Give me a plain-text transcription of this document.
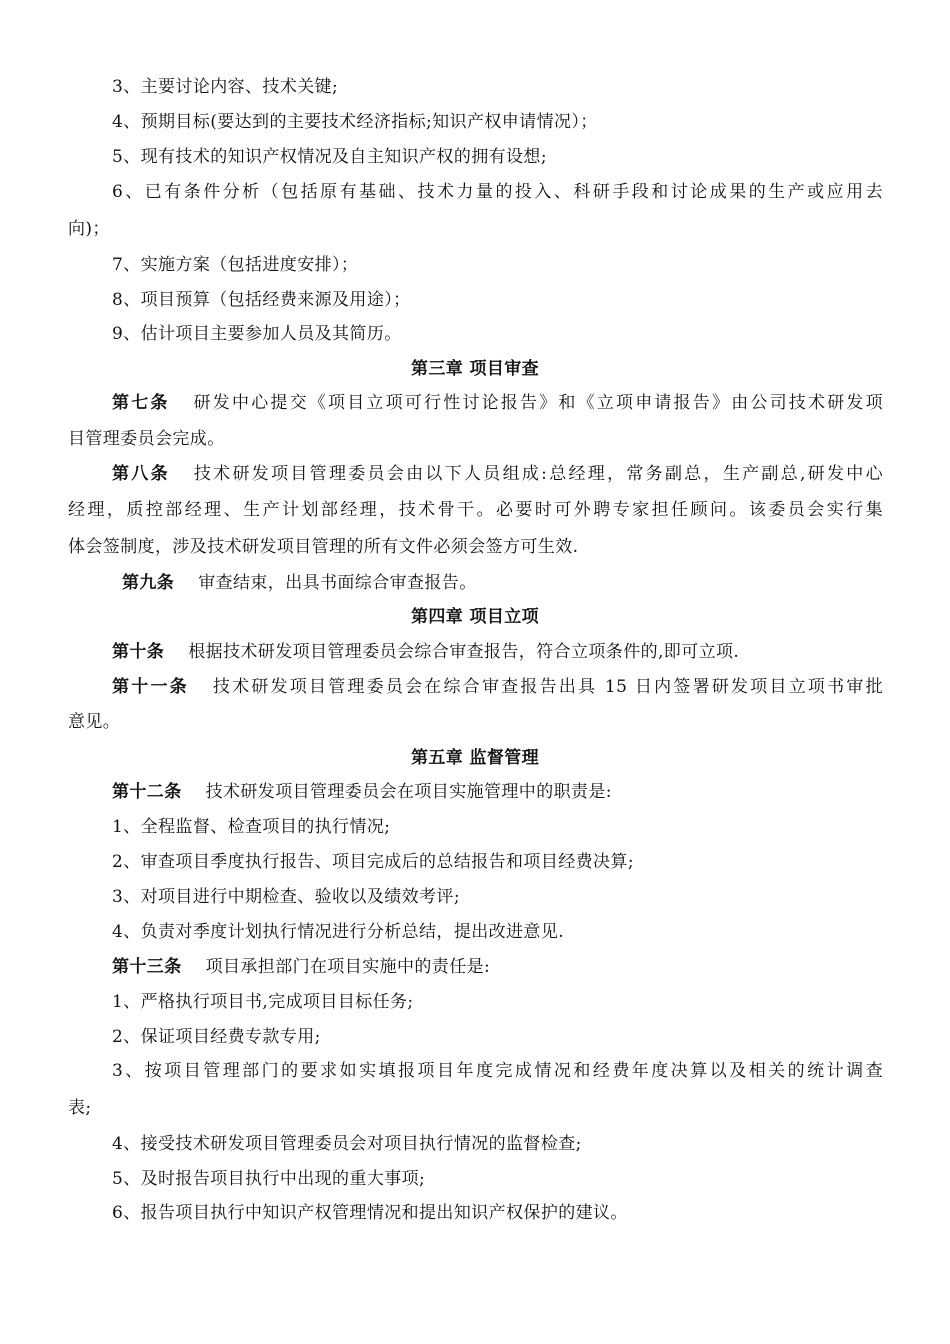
3、主要讨论内容、技术关键;
4、预期目标(要达到的主要技术经济指标;知识产权申请情况）；
5、现有技术的知识产权情况及自主知识产权的拥有设想;
6、已有条件分析（包括原有基础、技术力量的投入、科研手段和讨论成果的生产或应用去
向)；
7、实施方案（包括进度安排）；
8、项目预算（包括经费来源及用途）；
9、估计项目主要参加人员及其简历。
第三章 项目审查
第七条 研发中心提交《项目立项可行性讨论报告》和《立项申请报告》由公司技术研发项
目管理委员会完成。
第八条 技术研发项目管理委员会由以下人员组成:总经理，常务副总，生产副总,研发中心
经理，质控部经理、生产计划部经理，技术骨干。必要时可外聘专家担任顾问。该委员会实行集
体会签制度，涉及技术研发项目管理的所有文件必须会签方可生效.
第九条 审查结束，出具书面综合审查报告。
第四章 项目立项
第十条 根据技术研发项目管理委员会综合审查报告，符合立项条件的,即可立项.
第十一条 技术研发项目管理委员会在综合审查报告出具 15 日内签署研发项目立项书审批
意见。
第五章 监督管理
第十二条 技术研发项目管理委员会在项目实施管理中的职责是:
1、全程监督、检查项目的执行情况;
2、审查项目季度执行报告、项目完成后的总结报告和项目经费决算;
3、对项目进行中期检查、验收以及绩效考评;
4、负责对季度计划执行情况进行分析总结，提出改进意见.
第十三条 项目承担部门在项目实施中的责任是:
1、严格执行项目书,完成项目目标任务;
2、保证项目经费专款专用;
3、按项目管理部门的要求如实填报项目年度完成情况和经费年度决算以及相关的统计调查
表;
4、接受技术研发项目管理委员会对项目执行情况的监督检查;
5、及时报告项目执行中出现的重大事项;
6、报告项目执行中知识产权管理情况和提出知识产权保护的建议。
